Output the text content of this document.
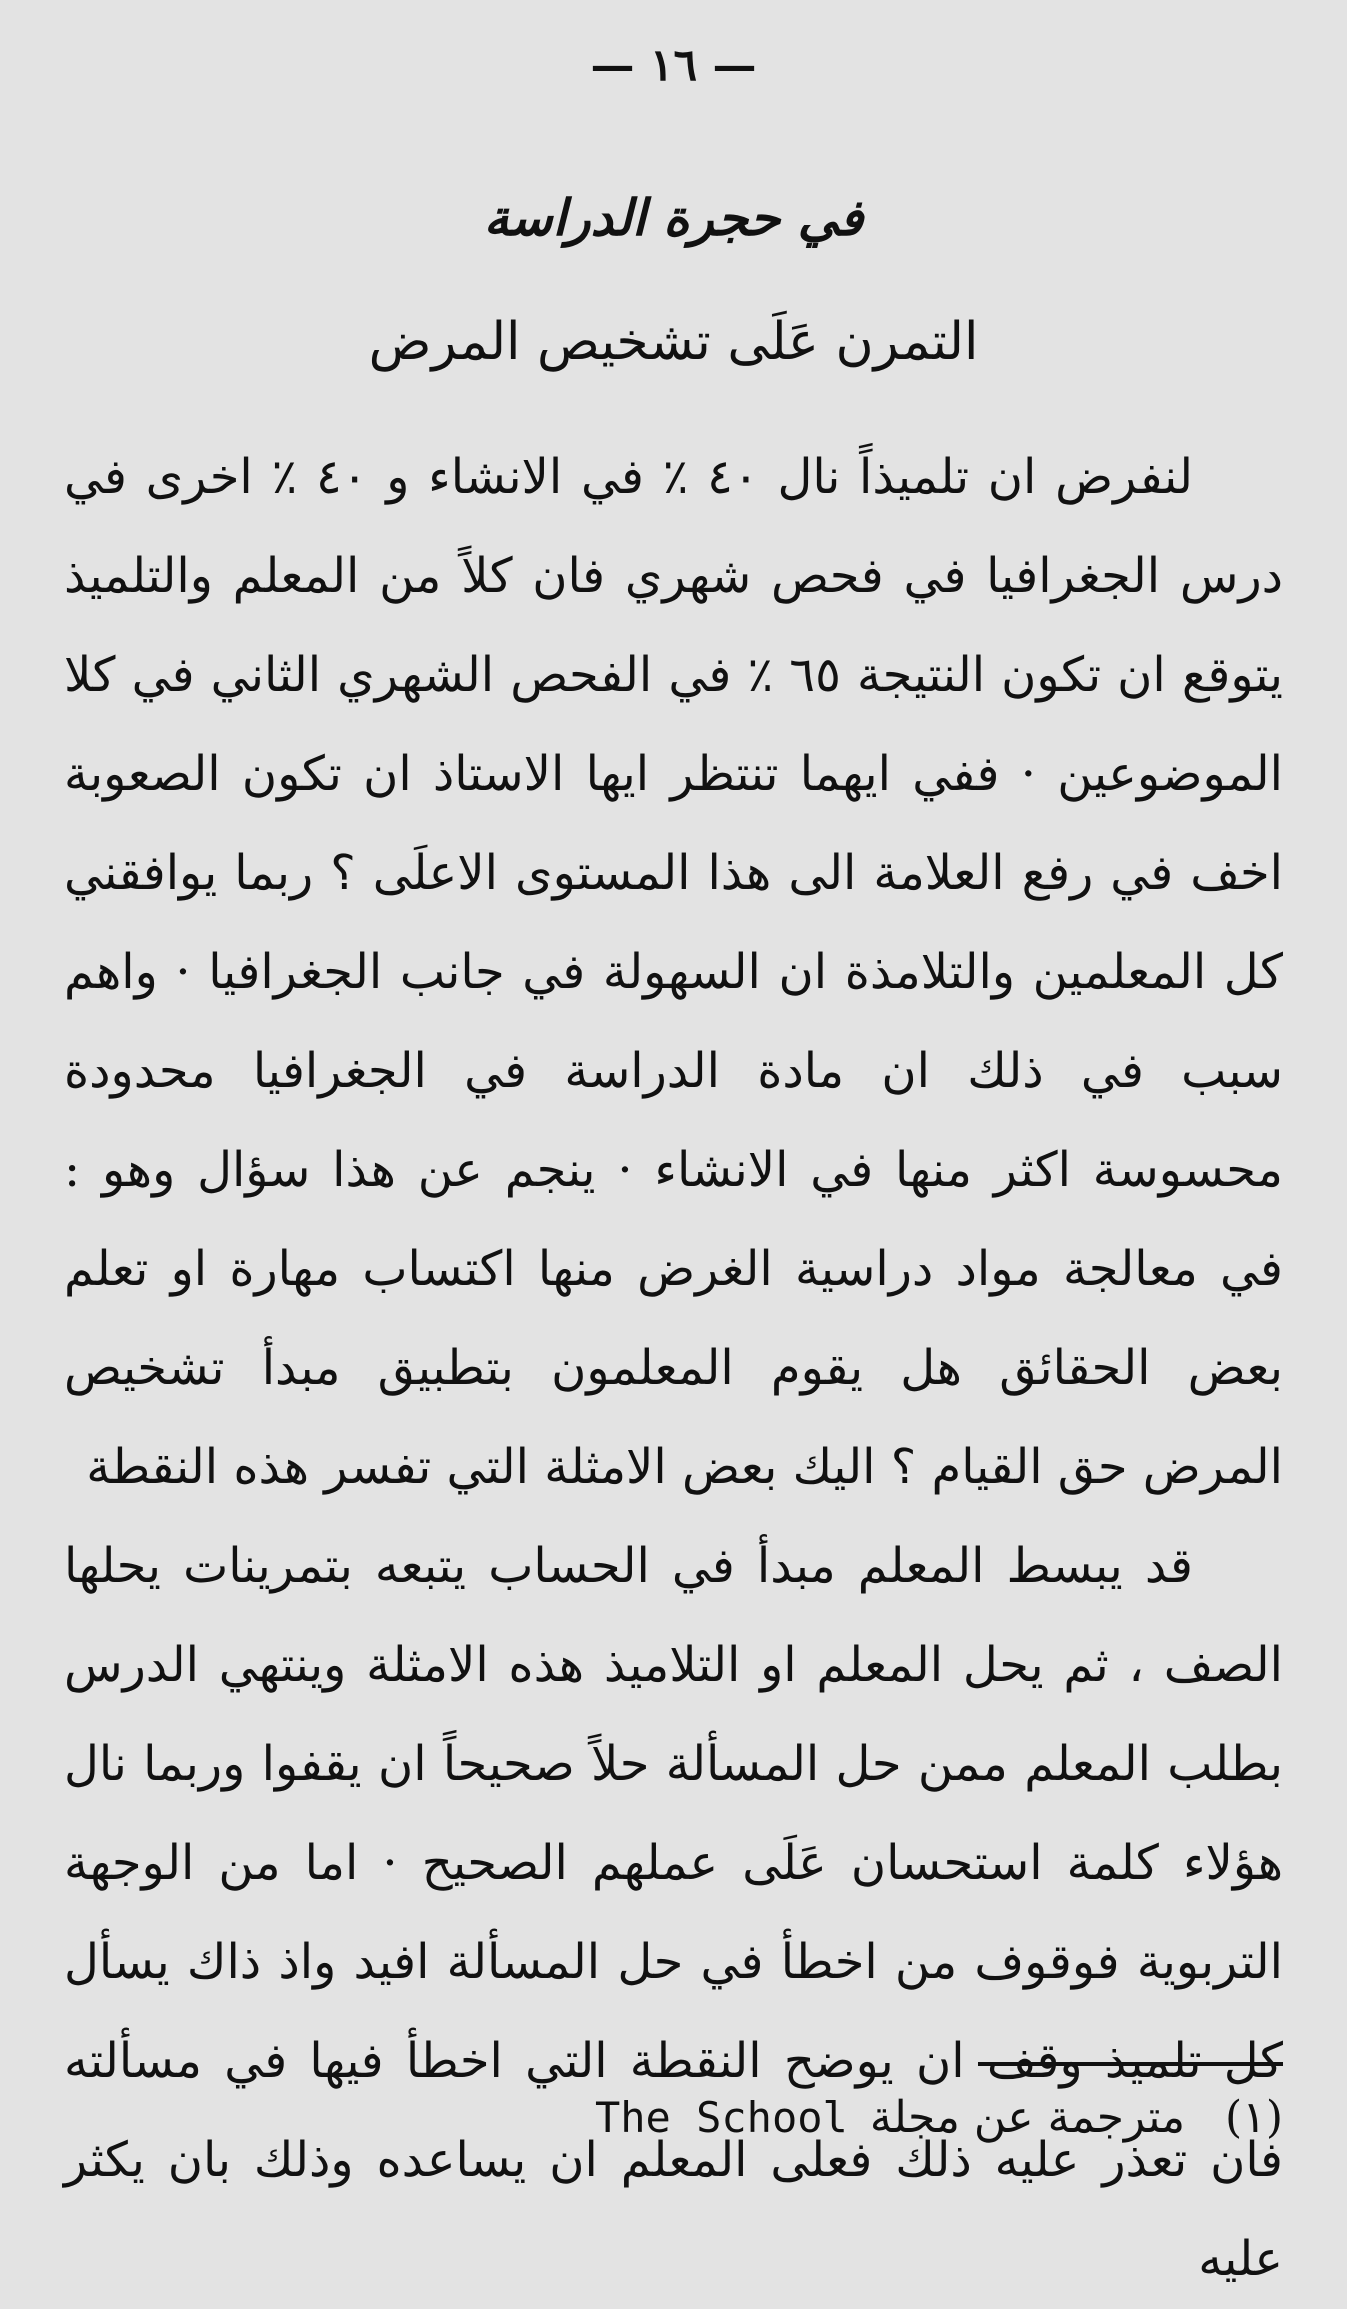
— ١٦ —
في حجرة الدراسة
التمرن عَلَى تشخيص المرض

لنفرض ان تلميذاً نال ٤٠ ٪ في الانشاء و ٤٠ ٪ اخرى في درس الجغرافيا في فحص شهري فان كلاً من المعلم والتلميذ يتوقع ان تكون النتيجة ٦٥ ٪ في الفحص الشهري الثاني في كلا الموضوعين · ففي ايهما تنتظر ايها الاستاذ ان تكون الصعوبة اخف في رفع العلامة الى هذا المستوى الاعلَى ؟ ربما يوافقني كل المعلمين والتلامذة ان السهولة في جانب الجغرافيا · واهم سبب في ذلك ان مادة الدراسة في الجغرافيا محدودة محسوسة اكثر منها في الانشاء · ينجم عن هذا سؤال وهو : في معالجة مواد دراسية الغرض منها اكتساب مهارة او تعلم بعض الحقائق هل يقوم المعلمون بتطبيق مبدأ تشخيص المرض حق القيام ؟ اليك بعض الامثلة التي تفسر هذه النقطة

قد يبسط المعلم مبدأ في الحساب يتبعه بتمرينات يحلها الصف ، ثم يحل المعلم او التلاميذ هذه الامثلة وينتهي الدرس بطلب المعلم ممن حل المسألة حلاً صحيحاً ان يقفوا وربما نال هؤلاء كلمة استحسان عَلَى عملهم الصحيح · اما من الوجهة التربوية فوقوف من اخطأ في حل المسألة افيد واذ ذاك يسأل كل تلميذ وقف ان يوضح النقطة التي اخطأ فيها في مسألته فان تعذر عليه ذلك فعلى المعلم ان يساعده وذلك بان يكثر عليه

(١)مترجمة عن مجلةThe School
